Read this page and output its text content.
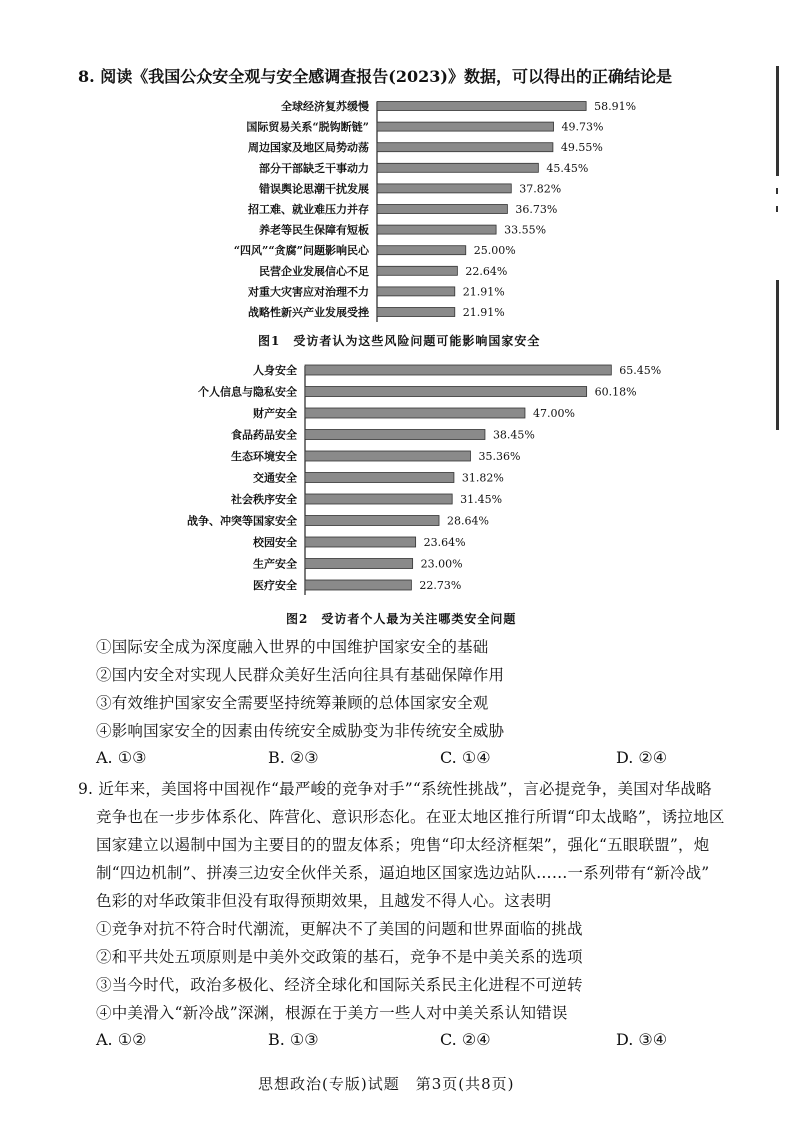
8. 阅读《我国公众安全观与安全感调查报告(2023)》数据，可以得出的正确结论是
全球经济复苏缓慢	58.91%
国际贸易关系“脱钩断链”	49.73%
周边国家及地区局势动荡	49.55%
部分干部缺乏干事动力	45.45%
错误舆论思潮干扰发展	37.82%
招工难、就业难压力并存	36.73%
养老等民生保障有短板	33.55%
“四风”“贪腐”问题影响民心	25.00%
民营企业发展信心不足	22.64%
对重大灾害应对治理不力	21.91%
战略性新兴产业发展受挫	21.91%
图1　受访者认为这些风险问题可能影响国家安全
人身安全	65.45%
个人信息与隐私安全	60.18%
财产安全	47.00%
食品药品安全	38.45%
生态环境安全	35.36%
交通安全	31.82%
社会秩序安全	31.45%
战争、冲突等国家安全	28.64%
校园安全	23.64%
生产安全	23.00%
医疗安全	22.73%
图2　受访者个人最为关注哪类安全问题
①国际安全成为深度融入世界的中国维护国家安全的基础
②国内安全对实现人民群众美好生活向往具有基础保障作用
③有效维护国家安全需要坚持统筹兼顾的总体国家安全观
④影响国家安全的因素由传统安全威胁变为非传统安全威胁
A. ①③	B. ②③	C. ①④	D. ②④
9. 近年来，美国将中国视作“最严峻的竞争对手”“系统性挑战”，言必提竞争，美国对华战略
竞争也在一步步体系化、阵营化、意识形态化。在亚太地区推行所谓“印太战略”，诱拉地区
国家建立以遏制中国为主要目的的盟友体系；兜售“印太经济框架”，强化“五眼联盟”，炮
制“四边机制”、拼凑三边安全伙伴关系，逼迫地区国家选边站队……一系列带有“新冷战”
色彩的对华政策非但没有取得预期效果，且越发不得人心。这表明
①竞争对抗不符合时代潮流，更解决不了美国的问题和世界面临的挑战
②和平共处五项原则是中美外交政策的基石，竞争不是中美关系的选项
③当今时代，政治多极化、经济全球化和国际关系民主化进程不可逆转
④中美滑入“新冷战”深渊，根源在于美方一些人对中美关系认知错误
A. ①②	B. ①③	C. ②④	D. ③④
思想政治(专版)试题　第3页(共8页)
